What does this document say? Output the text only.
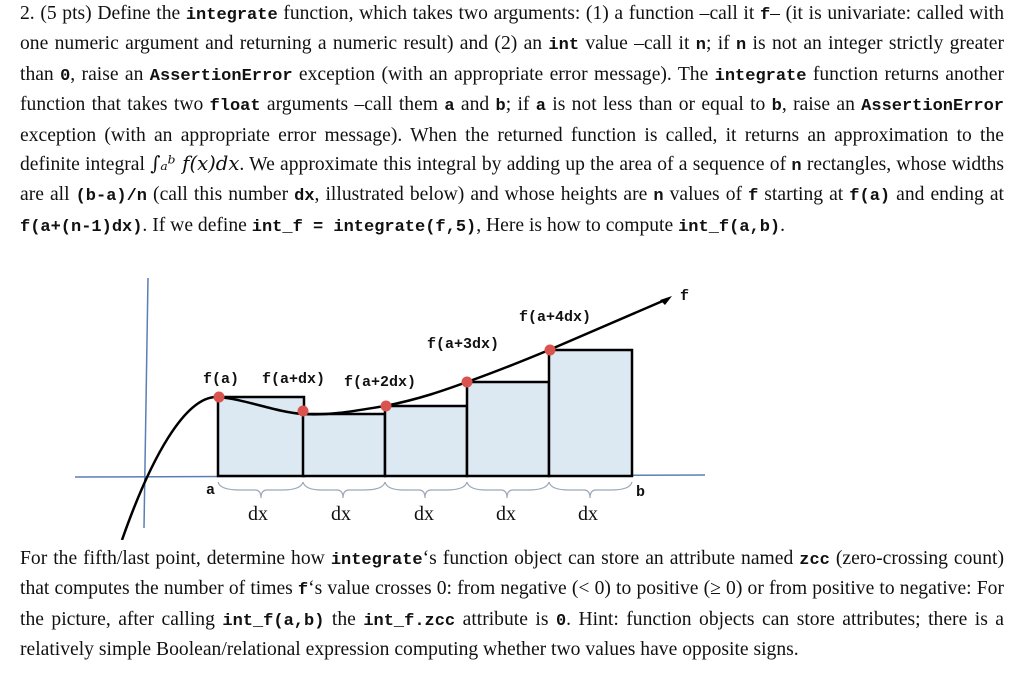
2. (5 pts) Define the integrate function, which takes two arguments: (1) a function –call it f– (it is univariate: called with one numeric argument and returning a numeric result) and (2) an int value –call it n; if n is not an integer strictly greater than 0, raise an AssertionError exception (with an appropriate error message). The integrate function returns another function that takes two float arguments –call them a and b; if a is not less than or equal to b, raise an AssertionError exception (with an appropriate error message). When the returned function is called, it returns an approximation to the definite integral ∫ₐᵇ f(x)dx. We approximate this integral by adding up the area of a sequence of n rectangles, whose widths are all (b-a)/n (call this number dx, illustrated below) and whose heights are n values of f starting at f(a) and ending at f(a+(n-1)dx). If we define int_f = integrate(f,5), Here is how to compute int_f(a,b).

f(a) f(a+dx) f(a+2dx)
f(a+3dx)
f(a+4dx)
f
a	b
dx	dx	dx	dx	dx

For the fifth/last point, determine how integrate‘s function object can store an attribute named zcc (zero-crossing count) that computes the number of times f‘s value crosses 0: from negative (< 0) to positive (≥ 0) or from positive to negative: For the picture, after calling int_f(a,b) the int_f.zcc attribute is 0. Hint: function objects can store attributes; there is a relatively simple Boolean/relational expression computing whether two values have opposite signs.
